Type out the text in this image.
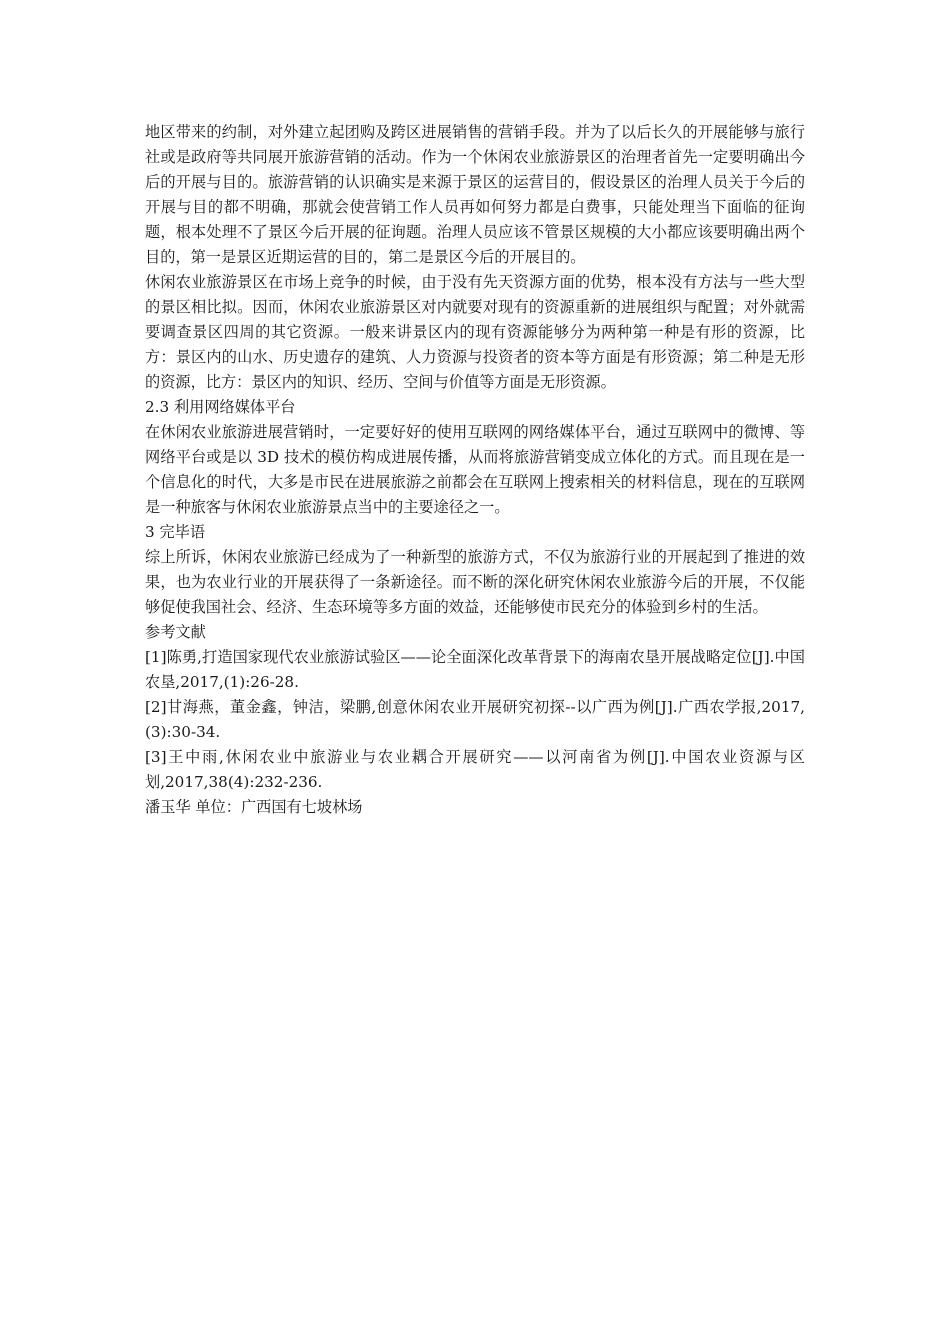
地区带来的约制，对外建立起团购及跨区进展销售的营销手段。并为了以后长久的开展能够与旅行社或是政府等共同展开旅游营销的活动。作为一个休闲农业旅游景区的治理者首先一定要明确出今后的开展与目的。旅游营销的认识确实是来源于景区的运营目的，假设景区的治理人员关于今后的开展与目的都不明确，那就会使营销工作人员再如何努力都是白费事，只能处理当下面临的征询题，根本处理不了景区今后开展的征询题。治理人员应该不管景区规模的大小都应该要明确出两个目的，第一是景区近期运营的目的，第二是景区今后的开展目的。

休闲农业旅游景区在市场上竞争的时候，由于没有先天资源方面的优势，根本没有方法与一些大型的景区相比拟。因而，休闲农业旅游景区对内就要对现有的资源重新的进展组织与配置；对外就需要调查景区四周的其它资源。一般来讲景区内的现有资源能够分为两种第一种是有形的资源，比方：景区内的山水、历史遗存的建筑、人力资源与投资者的资本等方面是有形资源；第二种是无形的资源，比方：景区内的知识、经历、空间与价值等方面是无形资源。

2.3 利用网络媒体平台

在休闲农业旅游进展营销时，一定要好好的使用互联网的网络媒体平台，通过互联网中的微博、等网络平台或是以 3D 技术的模仿构成进展传播，从而将旅游营销变成立体化的方式。而且现在是一个信息化的时代，大多是市民在进展旅游之前都会在互联网上搜索相关的材料信息，现在的互联网是一种旅客与休闲农业旅游景点当中的主要途径之一。

3 完毕语

综上所诉，休闲农业旅游已经成为了一种新型的旅游方式，不仅为旅游行业的开展起到了推进的效果，也为农业行业的开展获得了一条新途径。而不断的深化研究休闲农业旅游今后的开展，不仅能够促使我国社会、经济、生态环境等多方面的效益，还能够使市民充分的体验到乡村的生活。

参考文献

[1]陈勇,打造国家现代农业旅游试验区——论全面深化改革背景下的海南农垦开展战略定位[J].中国农垦,2017,(1):26-28.

[2]甘海燕，董金鑫，钟洁，梁鹏,创意休闲农业开展研究初探--以广西为例[J].广西农学报,2017,(3):30-34.

[3]王中雨,休闲农业中旅游业与农业耦合开展研究——以河南省为例[J].中国农业资源与区划,2017,38(4):232-236.

潘玉华 单位：广西国有七坡林场
